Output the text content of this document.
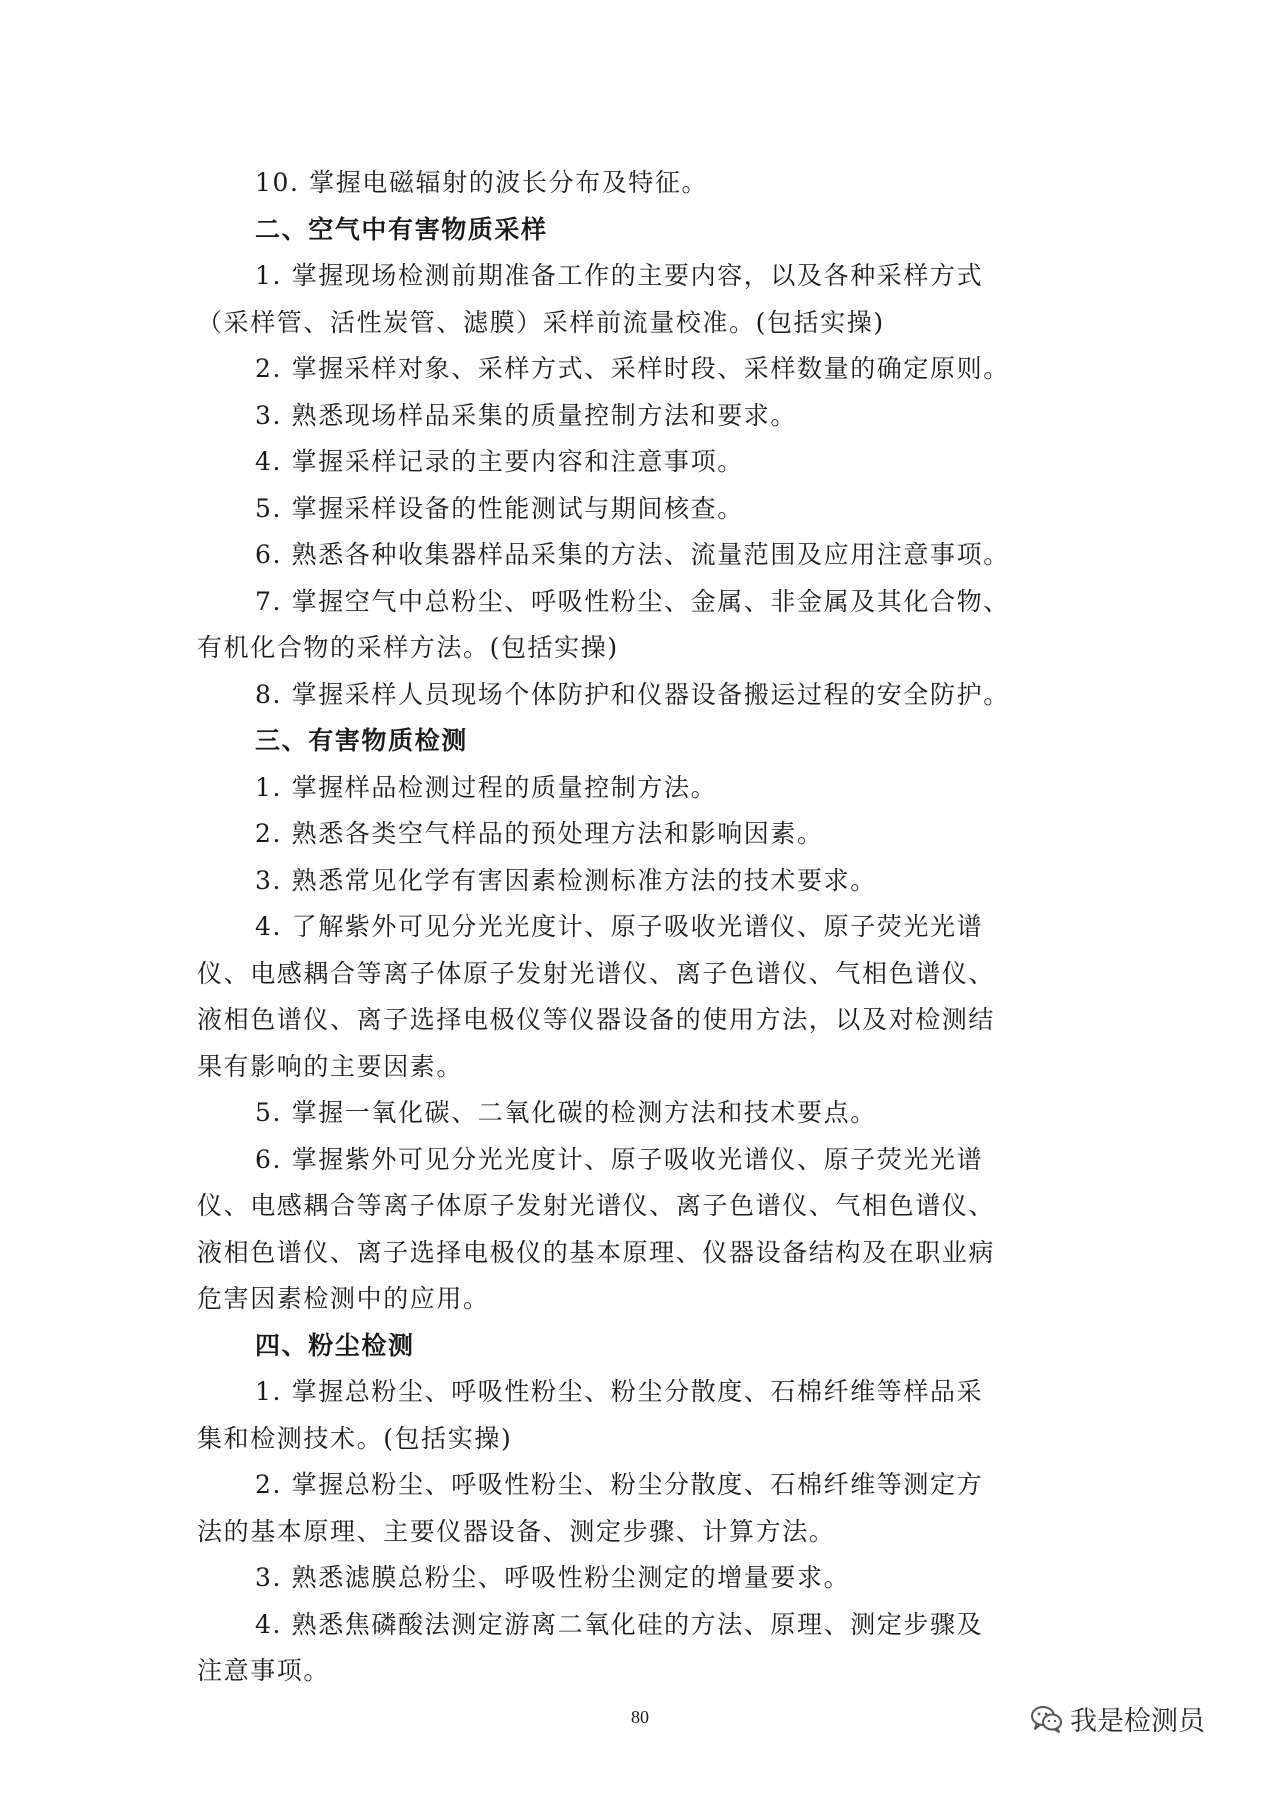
10. 掌握电磁辐射的波长分布及特征。
二、空气中有害物质采样
1. 掌握现场检测前期准备工作的主要内容，以及各种采样方式
（采样管、活性炭管、滤膜）采样前流量校准。(包括实操)
2. 掌握采样对象、采样方式、采样时段、采样数量的确定原则。
3. 熟悉现场样品采集的质量控制方法和要求。
4. 掌握采样记录的主要内容和注意事项。
5. 掌握采样设备的性能测试与期间核查。
6. 熟悉各种收集器样品采集的方法、流量范围及应用注意事项。
7. 掌握空气中总粉尘、呼吸性粉尘、金属、非金属及其化合物、
有机化合物的采样方法。(包括实操)
8. 掌握采样人员现场个体防护和仪器设备搬运过程的安全防护。
三、有害物质检测
1. 掌握样品检测过程的质量控制方法。
2. 熟悉各类空气样品的预处理方法和影响因素。
3. 熟悉常见化学有害因素检测标准方法的技术要求。
4. 了解紫外可见分光光度计、原子吸收光谱仪、原子荧光光谱
仪、电感耦合等离子体原子发射光谱仪、离子色谱仪、气相色谱仪、
液相色谱仪、离子选择电极仪等仪器设备的使用方法，以及对检测结
果有影响的主要因素。
5. 掌握一氧化碳、二氧化碳的检测方法和技术要点。
6. 掌握紫外可见分光光度计、原子吸收光谱仪、原子荧光光谱
仪、电感耦合等离子体原子发射光谱仪、离子色谱仪、气相色谱仪、
液相色谱仪、离子选择电极仪的基本原理、仪器设备结构及在职业病
危害因素检测中的应用。
四、粉尘检测
1. 掌握总粉尘、呼吸性粉尘、粉尘分散度、石棉纤维等样品采
集和检测技术。(包括实操)
2. 掌握总粉尘、呼吸性粉尘、粉尘分散度、石棉纤维等测定方
法的基本原理、主要仪器设备、测定步骤、计算方法。
3. 熟悉滤膜总粉尘、呼吸性粉尘测定的增量要求。
4. 熟悉焦磷酸法测定游离二氧化硅的方法、原理、测定步骤及
注意事项。
80	我是检测员
